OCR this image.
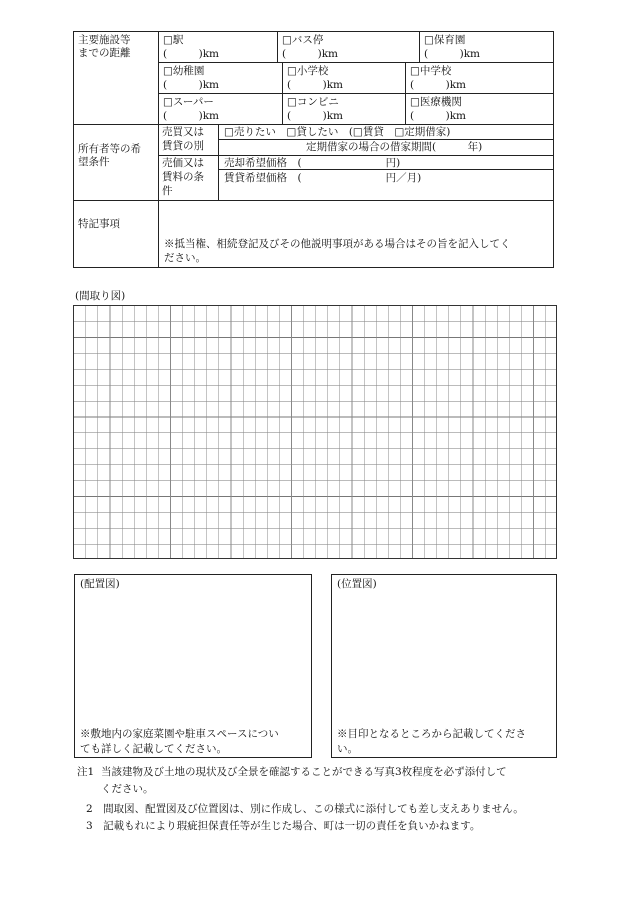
主要施設等
までの距離
□駅
(　　　)km
□バス停
(　　　)km
□保育園
(　　　)km
□幼稚園
(　　　)km
□小学校
(　　　)km
□中学校
(　　　)km
□スーパー
(　　　)km
□コンビニ
(　　　)km
□医療機関
(　　　)km
所有者等の希
望条件
売買又は
賃貸の別
□売りたい　□貸したい　(□賃貸　□定期借家)
定期借家の場合の借家期間(　　　年)
売価又は
賃料の条
件
売却希望価格　(　　　　　　　　円)
賃貸希望価格　(　　　　　　　　円／月)
特記事項
※抵当権、相続登記及びその他説明事項がある場合はその旨を記入してく
ださい。
(間取り図)
(配置図)
※敷地内の家庭菜園や駐車スペースについ
ても詳しく記載してください。
(位置図)
※目印となるところから記載してくださ
い。
注1 当該建物及び土地の現状及び全景を確認することができる写真3枚程度を必ず添付して
ください。
2　間取図、配置図及び位置図は、別に作成し、この様式に添付しても差し支えありません。
3　記載もれにより瑕疵担保責任等が生じた場合、町は一切の責任を負いかねます。
